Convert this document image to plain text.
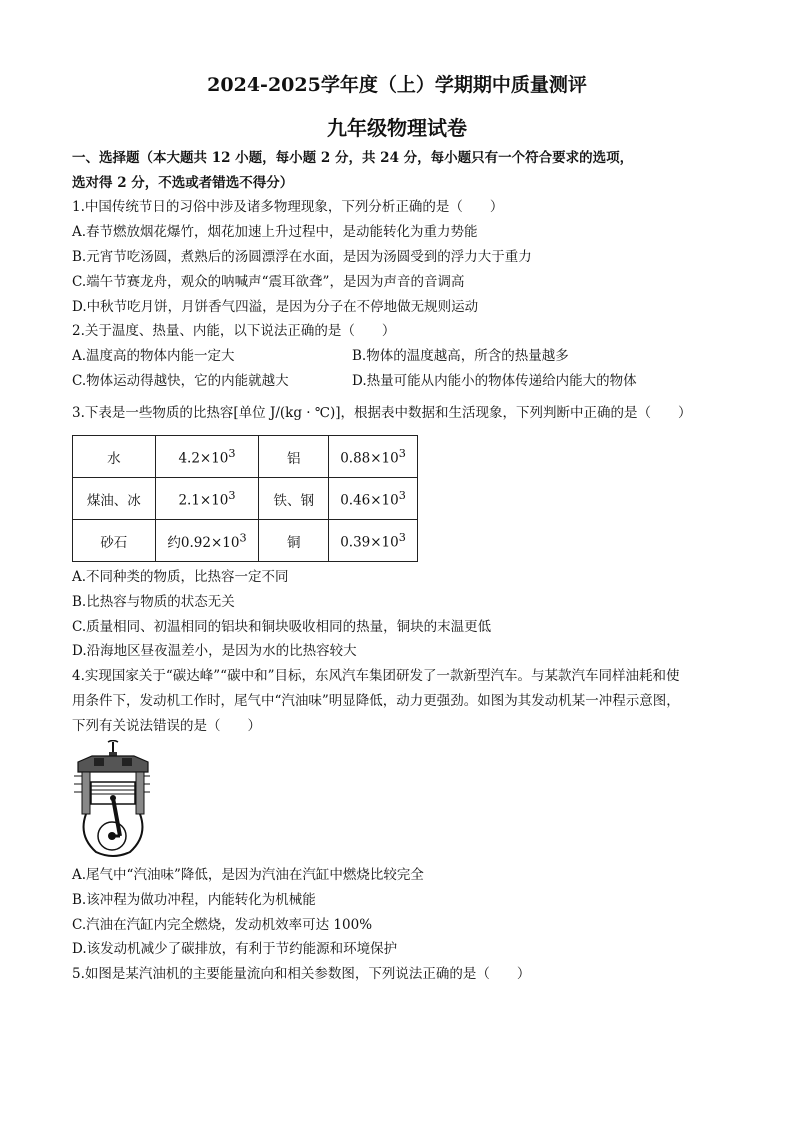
2024-2025学年度（上）学期期中质量测评
九年级物理试卷
一、选择题（本大题共 12 小题，每小题 2 分，共 24 分，每小题只有一个符合要求的选项，
选对得 2 分，不选或者错选不得分）
1.中国传统节日的习俗中涉及诸多物理现象，下列分析正确的是（　　）
A.春节燃放烟花爆竹，烟花加速上升过程中，是动能转化为重力势能
B.元宵节吃汤圆，煮熟后的汤圆漂浮在水面，是因为汤圆受到的浮力大于重力
C.端午节赛龙舟，观众的呐喊声“震耳欲聋”，是因为声音的音调高
D.中秋节吃月饼，月饼香气四溢，是因为分子在不停地做无规则运动
2.关于温度、热量、内能，以下说法正确的是（　　）
A.温度高的物体内能一定大	B.物体的温度越高，所含的热量越多
C.物体运动得越快，它的内能就越大	D.热量可能从内能小的物体传递给内能大的物体
3.下表是一些物质的比热容[单位 J/(kg · ℃)]，根据表中数据和生活现象，下列判断中正确的是（　　）
水	$4.2\times 10^3$	铝	$0.88\times 10^3$
煤油、冰	$2.1\times 10^3$	铁、钢	$0.46\times 10^3$
砂石	约$0.92\times 10^3$	铜	$0.39\times 10^3$
A.不同种类的物质，比热容一定不同
B.比热容与物质的状态无关
C.质量相同、初温相同的铝块和铜块吸收相同的热量，铜块的末温更低
D.沿海地区昼夜温差小，是因为水的比热容较大
4.实现国家关于“碳达峰”“碳中和”目标，东风汽车集团研发了一款新型汽车。与某款汽车同样油耗和使
用条件下，发动机工作时，尾气中“汽油味”明显降低，动力更强劲。如图为其发动机某一冲程示意图，
下列有关说法错误的是（　　）
A.尾气中“汽油味”降低，是因为汽油在汽缸中燃烧比较完全
B.该冲程为做功冲程，内能转化为机械能
C.汽油在汽缸内完全燃烧，发动机效率可达 100%
D.该发动机减少了碳排放，有利于节约能源和环境保护
5.如图是某汽油机的主要能量流向和相关参数图，下列说法正确的是（　　）
